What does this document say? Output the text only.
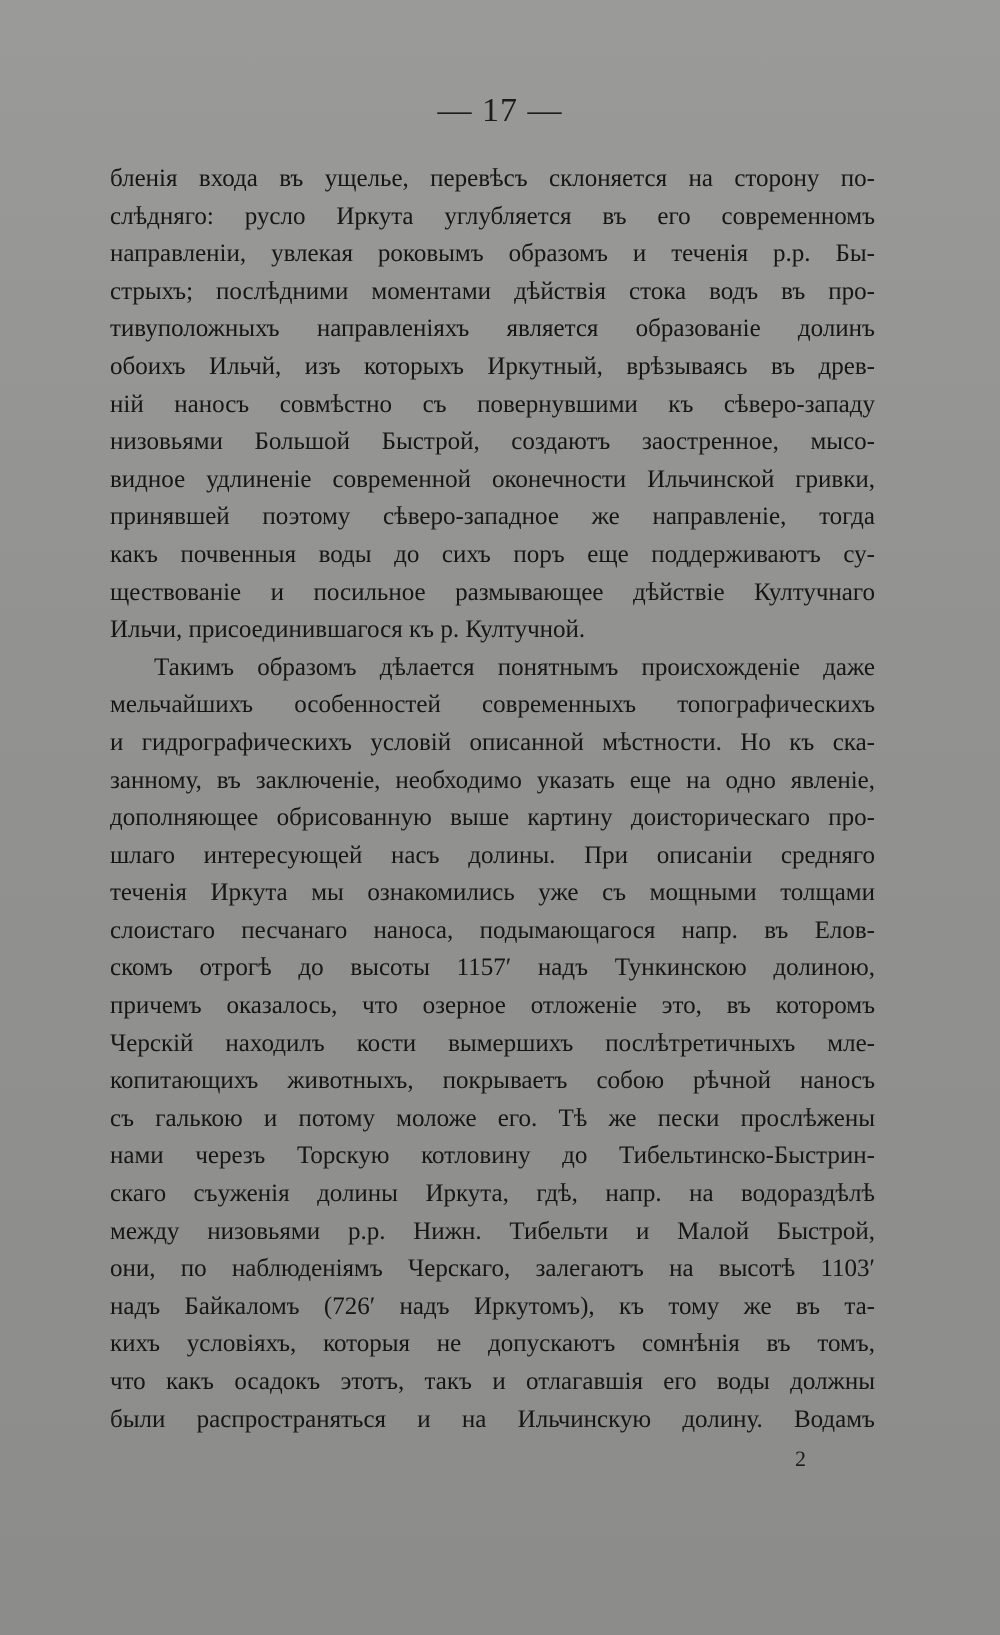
— 17 —
бленія входа въ ущелье, перевѣсъ склоняется на сторону по-
слѣдняго: русло Иркута углубляется въ его современномъ
направленіи, увлекая роковымъ образомъ и теченія р.р. Бы-
стрыхъ; послѣдними моментами дѣйствія стока водъ въ про-
тивуположныхъ направленіяхъ является образованіе долинъ
обоихъ Ильчй, изъ которыхъ Иркутный, врѣзываясь въ древ-
ній наносъ совмѣстно съ повернувшими къ сѣверо-западу
низовьями Большой Быстрой, создаютъ заостренное, мысо-
видное удлиненіе современной оконечности Ильчинской гривки,
принявшей поэтому сѣверо-западное же направленіе, тогда
какъ почвенныя воды до сихъ поръ еще поддерживаютъ су-
ществованіе и посильное размывающее дѣйствіе Култучнаго
Ильчи, присоединившагося къ р. Култучной.
Такимъ образомъ дѣлается понятнымъ происхожденіе даже
мельчайшихъ особенностей современныхъ топографическихъ
и гидрографическихъ условій описанной мѣстности. Но къ ска-
занному, въ заключеніе, необходимо указать еще на одно явленіе,
дополняющее обрисованную выше картину доисторическаго про-
шлаго интересующей насъ долины. При описаніи средняго
теченія Иркута мы ознакомились уже съ мощными толщами
слоистаго песчанаго наноса, подымающагося напр. въ Елов-
скомъ отрогѣ до высоты 1157′ надъ Тункинскою долиною,
причемъ оказалось, что озерное отложеніе это, въ которомъ
Черскій находилъ кости вымершихъ послѣтретичныхъ мле-
копитающихъ животныхъ, покрываетъ собою рѣчной наносъ
съ галькою и потому моложе его. Тѣ же пески прослѣжены
нами черезъ Торскую котловину до Тибельтинско-Быстрин-
скаго съуженія долины Иркута, гдѣ, напр. на водораздѣлѣ
между низовьями р.р. Нижн. Тибельти и Малой Быстрой,
они, по наблюденіямъ Черскаго, залегаютъ на высотѣ 1103′
надъ Байкаломъ (726′ надъ Иркутомъ), къ тому же въ та-
кихъ условіяхъ, которыя не допускаютъ сомнѣнія въ томъ,
что какъ осадокъ этотъ, такъ и отлагавшія его воды должны
были распространяться и на Ильчинскую долину. Водамъ
2
